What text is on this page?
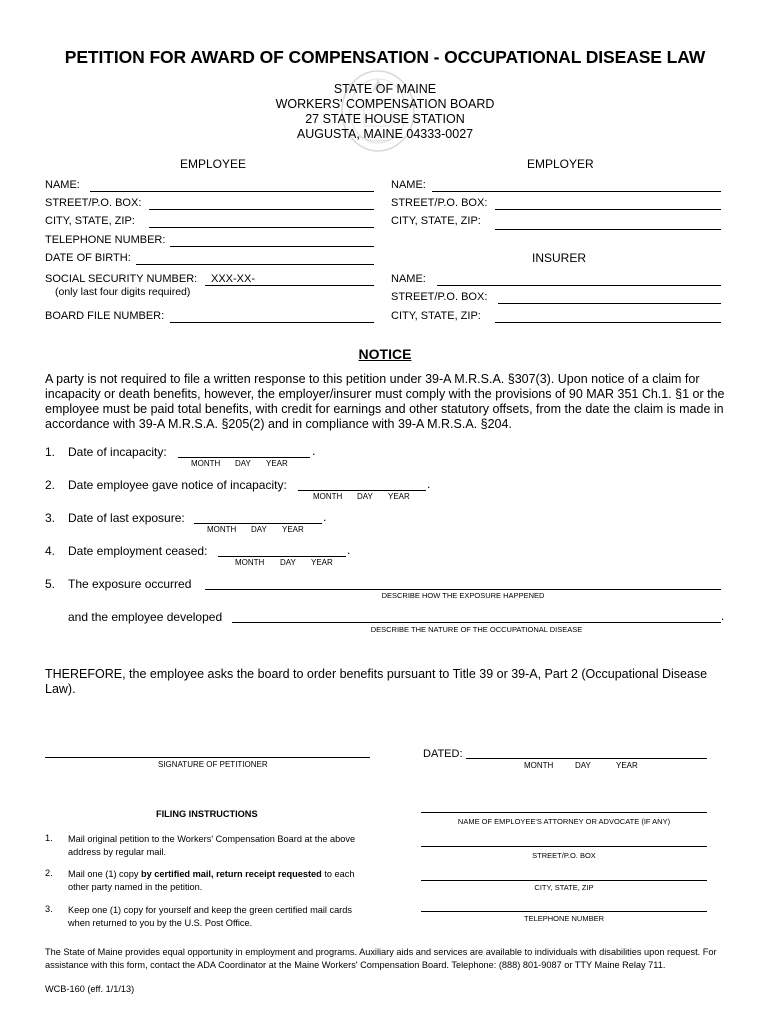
PETITION FOR AWARD OF COMPENSATION - OCCUPATIONAL DISEASE LAW
STATE OF MAINE
WORKERS' COMPENSATION BOARD
27 STATE HOUSE STATION
AUGUSTA, MAINE 04333-0027
EMPLOYEE	EMPLOYER
NAME:
STREET/P.O. BOX:
CITY, STATE, ZIP:
TELEPHONE NUMBER:
DATE OF BIRTH:
SOCIAL SECURITY NUMBER: XXX-XX-
(only last four digits required)
BOARD FILE NUMBER:
NAME:
STREET/P.O. BOX:
CITY, STATE, ZIP:
INSURER
NAME:
STREET/P.O. BOX:
CITY, STATE, ZIP:
NOTICE
A party is not required to file a written response to this petition under 39-A M.R.S.A. §307(3). Upon notice of a claim for incapacity or death benefits, however, the employer/insurer must comply with the provisions of 90 MAR 351 Ch.1. §1 or the employee must be paid total benefits, with credit for earnings and other statutory offsets, from the date the claim is made in accordance with 39-A M.R.S.A. §205(2) and in compliance with 39-A M.R.S.A. §204.
1. Date of incapacity:	.
MONTH DAY YEAR
2. Date employee gave notice of incapacity:	.
MONTH DAY YEAR
3. Date of last exposure:	.
MONTH DAY YEAR
4. Date employment ceased:	.
MONTH DAY YEAR
5. The exposure occurred
DESCRIBE HOW THE EXPOSURE HAPPENED
and the employee developed	.
DESCRIBE THE NATURE OF THE OCCUPATIONAL DISEASE
THEREFORE, the employee asks the board to order benefits pursuant to Title 39 or 39-A, Part 2 (Occupational Disease Law).
SIGNATURE OF PETITIONER
DATED:
MONTH	DAY	YEAR
FILING INSTRUCTIONS
1. Mail original petition to the Workers' Compensation Board at the above address by regular mail.
2. Mail one (1) copy by certified mail, return receipt requested to each other party named in the petition.
3. Keep one (1) copy for yourself and keep the green certified mail cards when returned to you by the U.S. Post Office.
NAME OF EMPLOYEE'S ATTORNEY OR ADVOCATE (IF ANY)
STREET/P.O. BOX
CITY, STATE, ZIP
TELEPHONE NUMBER
The State of Maine provides equal opportunity in employment and programs. Auxiliary aids and services are available to individuals with disabilities upon request. For assistance with this form, contact the ADA Coordinator at the Maine Workers' Compensation Board. Telephone: (888) 801-9087 or TTY Maine Relay 711.
WCB-160 (eff. 1/1/13)
